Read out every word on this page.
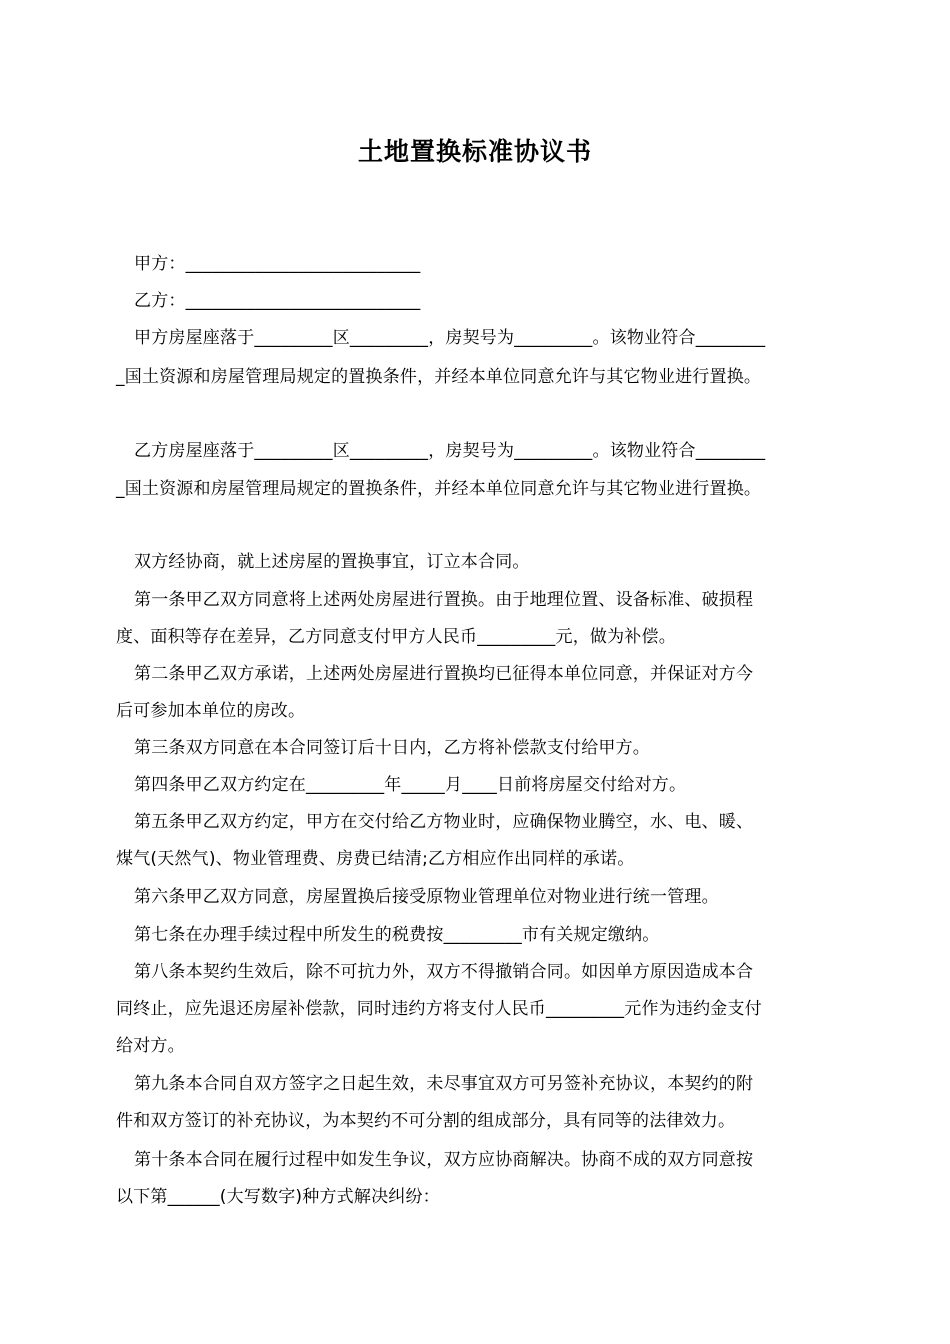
土地置换标准协议书
甲方：___________________________
乙方：___________________________
甲方房屋座落于_________区_________，房契号为_________。该物业符合________
_国土资源和房屋管理局规定的置换条件，并经本单位同意允许与其它物业进行置换。
乙方房屋座落于_________区_________，房契号为_________。该物业符合________
_国土资源和房屋管理局规定的置换条件，并经本单位同意允许与其它物业进行置换。
双方经协商，就上述房屋的置换事宜，订立本合同。
第一条甲乙双方同意将上述两处房屋进行置换。由于地理位置、设备标准、破损程
度、面积等存在差异，乙方同意支付甲方人民币_________元，做为补偿。
第二条甲乙双方承诺，上述两处房屋进行置换均已征得本单位同意，并保证对方今
后可参加本单位的房改。
第三条双方同意在本合同签订后十日内，乙方将补偿款支付给甲方。
第四条甲乙双方约定在_________年_____月____日前将房屋交付给对方。
第五条甲乙双方约定，甲方在交付给乙方物业时，应确保物业腾空，水、电、暖、
煤气(天然气)、物业管理费、房费已结清;乙方相应作出同样的承诺。
第六条甲乙双方同意，房屋置换后接受原物业管理单位对物业进行统一管理。
第七条在办理手续过程中所发生的税费按_________市有关规定缴纳。
第八条本契约生效后，除不可抗力外，双方不得撤销合同。如因单方原因造成本合
同终止，应先退还房屋补偿款，同时违约方将支付人民币_________元作为违约金支付
给对方。
第九条本合同自双方签字之日起生效，未尽事宜双方可另签补充协议，本契约的附
件和双方签订的补充协议，为本契约不可分割的组成部分，具有同等的法律效力。
第十条本合同在履行过程中如发生争议，双方应协商解决。协商不成的双方同意按
以下第______(大写数字)种方式解决纠纷：
